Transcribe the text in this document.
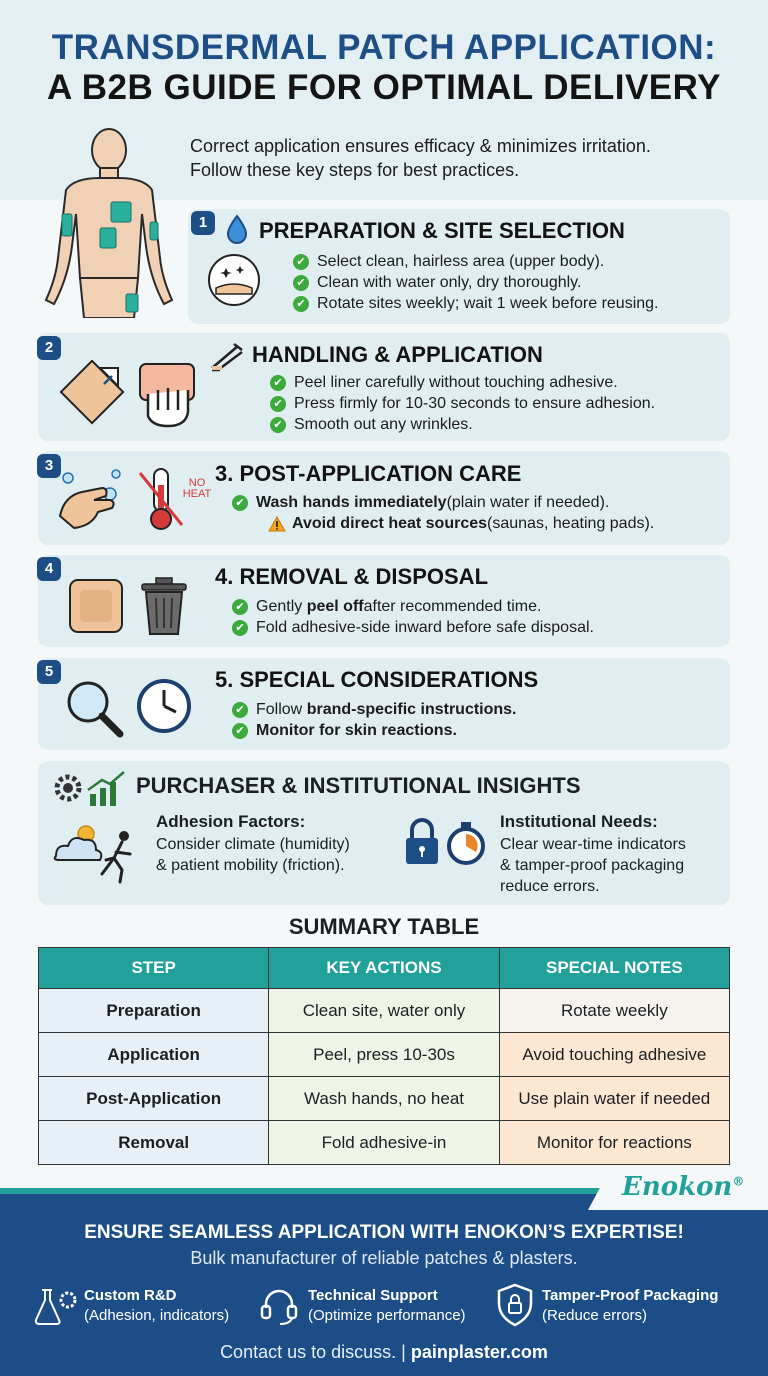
TRANSDERMAL PATCH APPLICATION:
A B2B GUIDE FOR OPTIMAL DELIVERY
Correct application ensures efficacy & minimizes irritation.
Follow these key steps for best practices.
1	PREPARATION & SITE SELECTION
✔ Select clean, hairless area (upper body).
✔ Clean with water only, dry thoroughly.
✔ Rotate sites weekly; wait 1 week before reusing.
2	HANDLING & APPLICATION
✔ Peel liner carefully without touching adhesive.
✔ Press firmly for 10-30 seconds to ensure adhesion.
✔ Smooth out any wrinkles.
3
NO HEAT
3. POST-APPLICATION CARE
✔ Wash hands immediately (plain water if needed).
Avoid direct heat sources (saunas, heating pads).
4	4. REMOVAL & DISPOSAL
✔ Gently
peel off after recommended time.
✔ Fold adhesive-side inward before safe disposal.
5	5. SPECIAL CONSIDERATIONS
✔ Follow
brand-specific instructions.
✔ Monitor for skin reactions.
PURCHASER & INSTITUTIONAL INSIGHTS
Adhesion Factors:
Consider climate (humidity)
& patient mobility (friction).
Institutional Needs:
Clear wear-time indicators
& tamper-proof packaging
reduce errors.
SUMMARY TABLE
STEP	KEY ACTIONS	SPECIAL NOTES
Preparation	Clean site, water only	Rotate weekly
Application	Peel, press 10-30s	Avoid touching adhesive
Post-Application	Wash hands, no heat	Use plain water if needed
Removal	Fold adhesive-in	Monitor for reactions
Enokon®
ENSURE SEAMLESS APPLICATION WITH ENOKON’S EXPERTISE!
Bulk manufacturer of reliable patches & plasters.
Custom R&D
(Adhesion, indicators)
Technical Support
(Optimize performance)
Tamper-Proof Packaging
(Reduce errors)
Contact us to discuss. | painplaster.com
